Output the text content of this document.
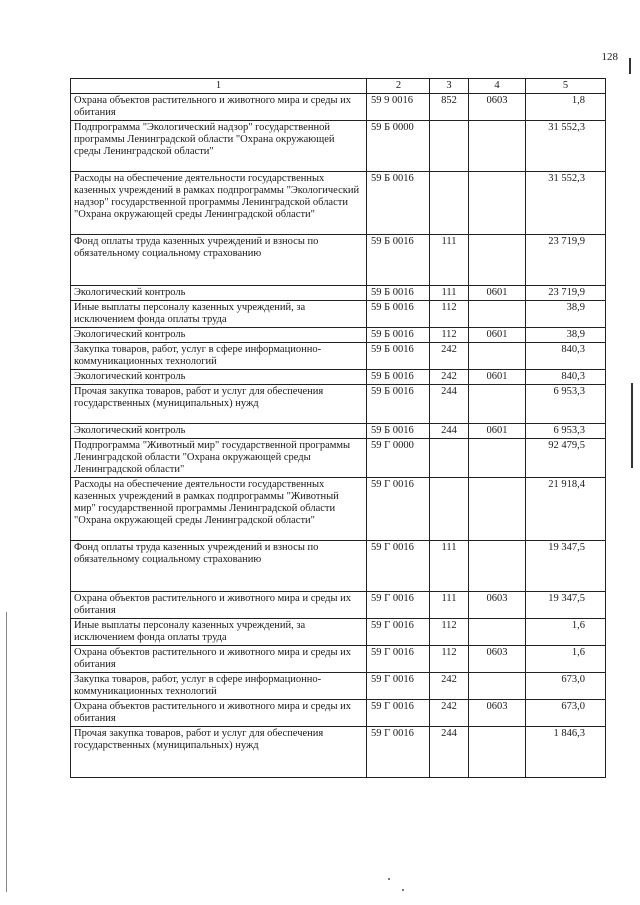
128
1	2	3	4	5
Охрана объектов растительного и животного мира и среды их обитания	59 9 0016	852	0603	1,8
Подпрограмма "Экологический надзор" государственной программы Ленинградской области "Охрана окружающей среды Ленинградской области"	59 Б 0000			31 552,3
Расходы на обеспечение деятельности государственных казенных учреждений в рамках подпрограммы "Экологический надзор" государственной программы Ленинградской области "Охрана окружающей среды Ленинградской области"	59 Б 0016			31 552,3
Фонд оплаты труда казенных учреждений и взносы по обязательному социальному страхованию	59 Б 0016	111		23 719,9
Экологический контроль	59 Б 0016	111	0601	23 719,9
Иные выплаты персоналу казенных учреждений, за исключением фонда оплаты труда	59 Б 0016	112		38,9
Экологический контроль	59 Б 0016	112	0601	38,9
Закупка товаров, работ, услуг в сфере информационно-коммуникационных технологий	59 Б 0016	242		840,3
Экологический контроль	59 Б 0016	242	0601	840,3
Прочая закупка товаров, работ и услуг для обеспечения государственных (муниципальных) нужд	59 Б 0016	244		6 953,3
Экологический контроль	59 Б 0016	244	0601	6 953,3
Подпрограмма "Животный мир" государственной программы Ленинградской области "Охрана окружающей среды Ленинградской области"	59 Г 0000			92 479,5
Расходы на обеспечение деятельности государственных казенных учреждений в рамках подпрограммы "Животный мир" государственной программы Ленинградской области "Охрана окружающей среды Ленинградской области"	59 Г 0016			21 918,4
Фонд оплаты труда казенных учреждений и взносы по обязательному социальному страхованию	59 Г 0016	111		19 347,5
Охрана объектов растительного и животного мира и среды их обитания	59 Г 0016	111	0603	19 347,5
Иные выплаты персоналу казенных учреждений, за исключением фонда оплаты труда	59 Г 0016	112		1,6
Охрана объектов растительного и животного мира и среды их обитания	59 Г 0016	112	0603	1,6
Закупка товаров, работ, услуг в сфере информационно-коммуникационных технологий	59 Г 0016	242		673,0
Охрана объектов растительного и животного мира и среды их обитания	59 Г 0016	242	0603	673,0
Прочая закупка товаров, работ и услуг для обеспечения государственных (муниципальных) нужд	59 Г 0016	244		1 846,3
